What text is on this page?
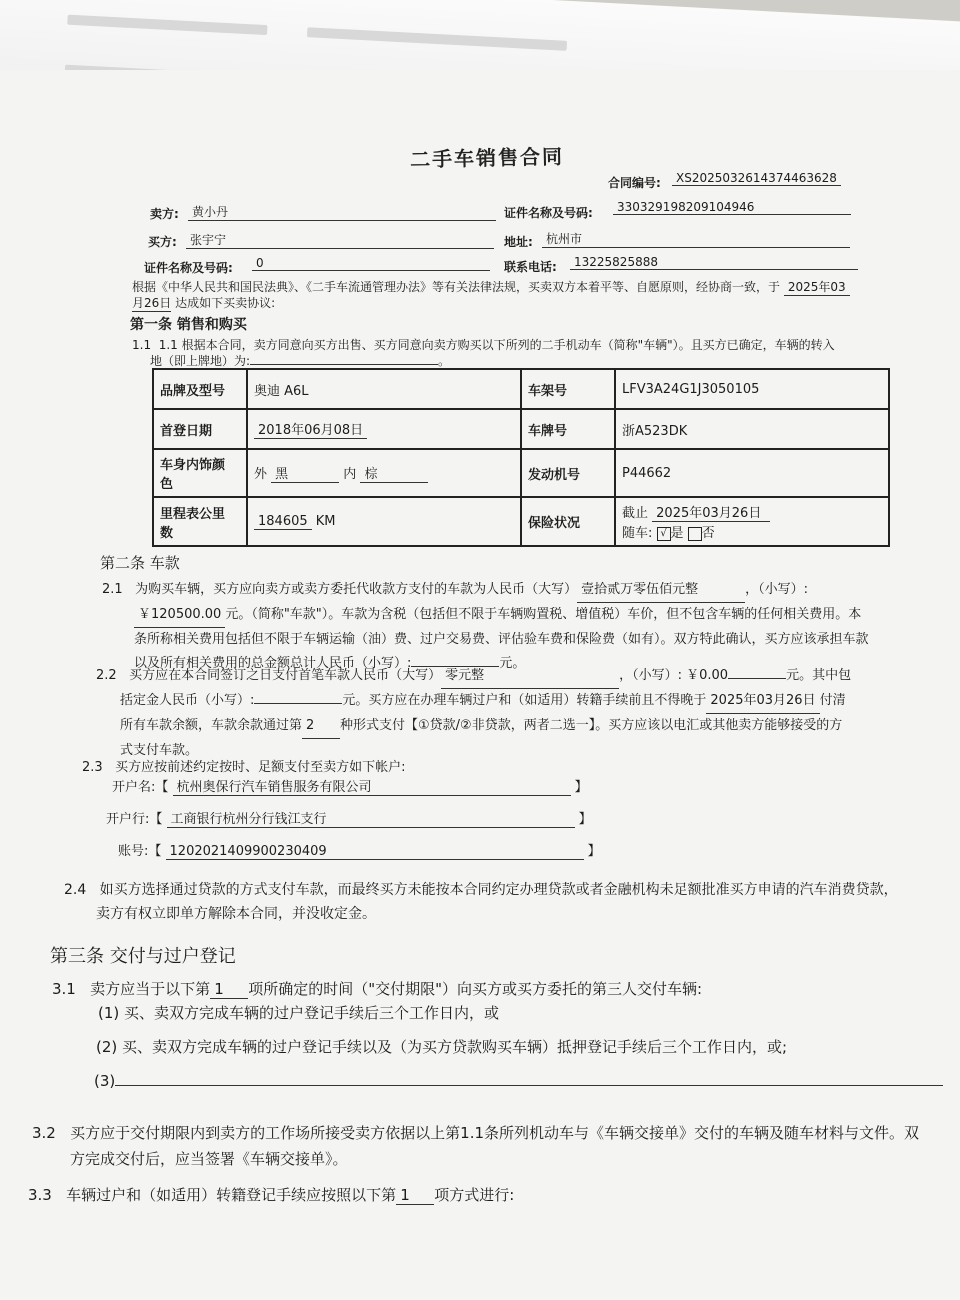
二手车销售合同
合同编号:	XS2025032614374463628
卖方:	黄小丹	证件名称及号码:	330329198209104946
买方:	张宇宁	地址:	杭州市
证件名称及号码:	0	联系电话:	13225825888
根据《中华人民共和国民法典》、《二手车流通管理办法》等有关法律法规，买卖双方本着平等、自愿原则，经协商一致，于 2025年03
月26日 达成如下买卖协议:
第一条 销售和购买
1.1 1.1 根据本合同，卖方同意向买方出售、买方同意向卖方购买以下所列的二手机动车（简称"车辆"）。且买方已确定，车辆的转入
地（即上牌地）为:	。
品牌及型号	奥迪 A6L	车架号	LFV3A24G1J3050105
首登日期	2018年06月08日	车牌号	浙A523DK
车身内饰颜
色	外 黑 内 棕	发动机号	P44662
里程表公里
数	184605 KM	保险状况	截止 2025年03月26日
随车: √ 是 否
第二条 车款
2.1 为购买车辆，买方应向卖方或卖方委托代收款方支付的车款为人民币（大写） 壹拾贰万零伍佰元整	，（小写）:
￥120500.00 元。（简称"车款"）。车款为含税（包括但不限于车辆购置税、增值税）车价，但不包含车辆的任何相关费用。本
条所称相关费用包括但不限于车辆运输（油）费、过户交易费、评估验车费和保险费（如有）。双方特此确认，买方应该承担车款
以及所有相关费用的总金额总计人民币（小写）:	元。
2.2 买方应在本合同签订之日支付首笔车款人民币（大写） 零元整	，（小写）: ￥0.00	元。其中包
括定金人民币（小写）:	元。买方应在办理车辆过户和（如适用）转籍手续前且不得晚于 2025年03月26日 付清
所有车款余额，车款余款通过第 2 种形式支付【①贷款/②非贷款，两者二选一】。买方应该以电汇或其他卖方能够接受的方
式支付车款。
2.3 买方应按前述约定按时、足额支付至卖方如下帐户:
开户名:【 杭州奥保行汽车销售服务有限公司	】
开户行:【 工商银行杭州分行钱江支行	】
账号:【 1202021409900230409	】
2.4 如买方选择通过贷款的方式支付车款，而最终买方未能按本合同约定办理贷款或者金融机构未足额批准买方申请的汽车消费贷款，
卖方有权立即单方解除本合同，并没收定金。
第三条 交付与过户登记
3.1 卖方应当于以下第 1 项所确定的时间（"交付期限"）向买方或买方委托的第三人交付车辆:
(1) 买、卖双方完成车辆的过户登记手续后三个工作日内，或
(2) 买、卖双方完成车辆的过户登记手续以及（为买方贷款购买车辆）抵押登记手续后三个工作日内，或;
(3)
3.2 买方应于交付期限内到卖方的工作场所接受卖方依据以上第1.1条所列机动车与《车辆交接单》交付的车辆及随车材料与文件。双
方完成交付后，应当签署《车辆交接单》。
3.3 车辆过户和（如适用）转籍登记手续应按照以下第 1 项方式进行:
